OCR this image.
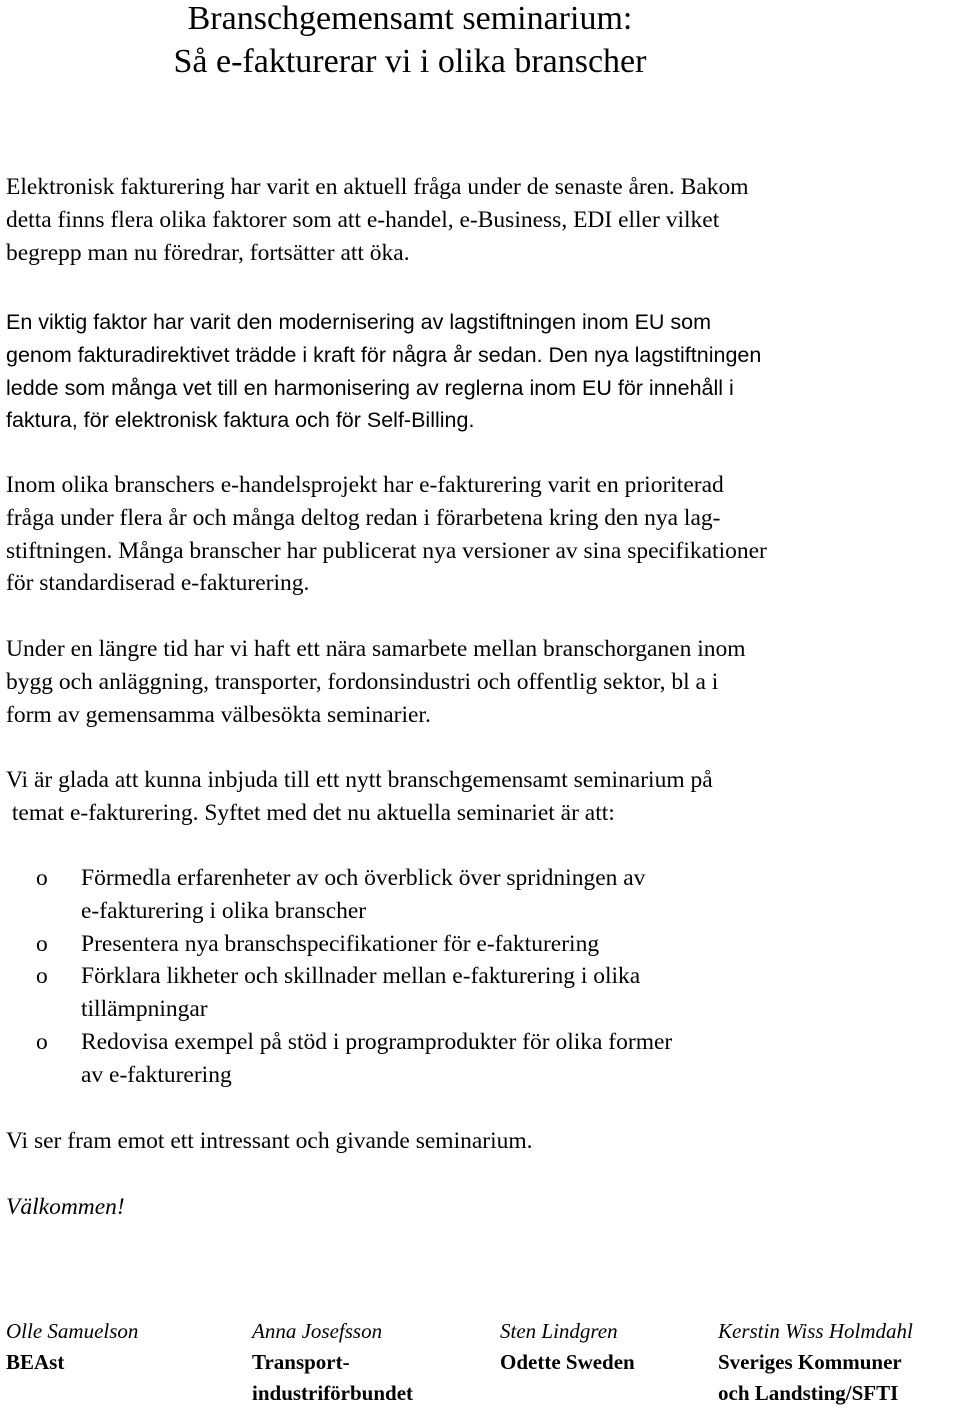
Branschgemensamt seminarium:
Så e-fakturerar vi i olika branscher

Elektronisk fakturering har varit en aktuell fråga under de senaste åren. Bakom
detta finns flera olika faktorer som att e-handel, e-Business, EDI eller vilket
begrepp man nu föredrar, fortsätter att öka.

En viktig faktor har varit den modernisering av lagstiftningen inom EU som
genom fakturadirektivet trädde i kraft för några år sedan. Den nya lagstiftningen
ledde som många vet till en harmonisering av reglerna inom EU för innehåll i
faktura, för elektronisk faktura och för Self-Billing.

Inom olika branschers e-handelsprojekt har e-fakturering varit en prioriterad
fråga under flera år och många deltog redan i förarbetena kring den nya lag-
stiftningen. Många branscher har publicerat nya versioner av sina specifikationer
för standardiserad e-fakturering.

Under en längre tid har vi haft ett nära samarbete mellan branschorganen inom
bygg och anläggning, transporter, fordonsindustri och offentlig sektor, bl a i
form av gemensamma välbesökta seminarier.

Vi är glada att kunna inbjuda till ett nytt branschgemensamt seminarium på
temat e-fakturering. Syftet med det nu aktuella seminariet är att:

o Förmedla erfarenheter av och överblick över spridningen av
e-fakturering i olika branscher
o Presentera nya branschspecifikationer för e-fakturering
o Förklara likheter och skillnader mellan e-fakturering i olika
tillämpningar
o Redovisa exempel på stöd i programprodukter för olika former
av e-fakturering
Vi ser fram emot ett intressant och givande seminarium.
Välkommen!
Olle Samuelson
BEAst
Anna Josefsson
Transport-
industriförbundet
Sten Lindgren
Odette Sweden
Kerstin Wiss Holmdahl
Sveriges Kommuner
och Landsting/SFTI
